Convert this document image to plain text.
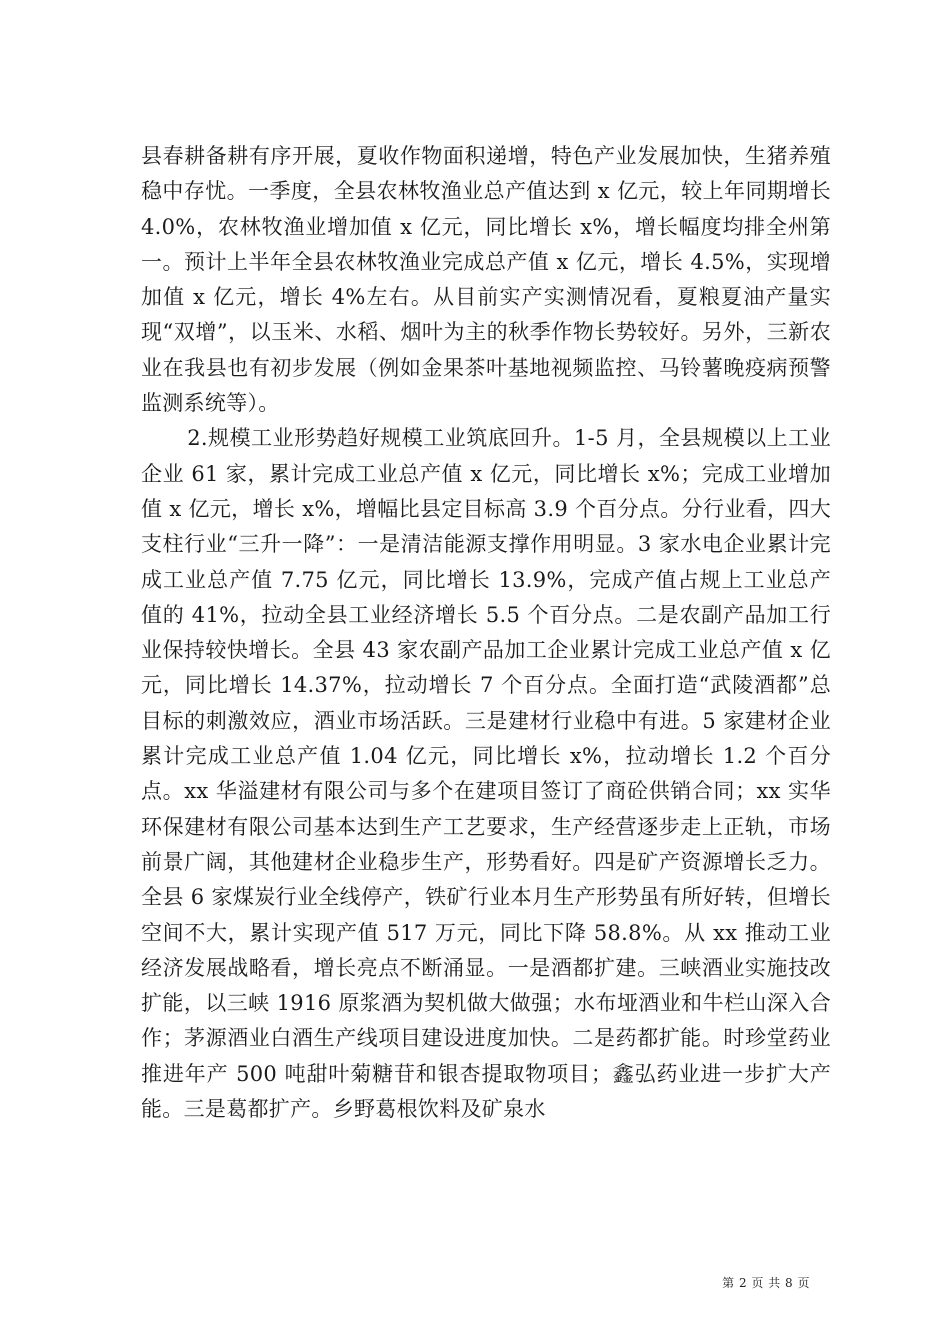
县春耕备耕有序开展，夏收作物面积递增，特色产业发展加快，生猪养殖稳中存忧。一季度，全县农林牧渔业总产值达到 x 亿元，较上年同期增长 4.0%，农林牧渔业增加值 x 亿元，同比增长 x%，增长幅度均排全州第一。预计上半年全县农林牧渔业完成总产值 x 亿元，增长 4.5%，实现增加值 x 亿元，增长 4%左右。从目前实产实测情况看，夏粮夏油产量实现“双增”，以玉米、水稻、烟叶为主的秋季作物长势较好。另外，三新农业在我县也有初步发展（例如金果茶叶基地视频监控、马铃薯晚疫病预警监测系统等）。

2.规模工业形势趋好规模工业筑底回升。1-5 月，全县规模以上工业企业 61 家，累计完成工业总产值 x 亿元，同比增长 x%；完成工业增加值 x 亿元，增长 x%，增幅比县定目标高 3.9 个百分点。分行业看，四大支柱行业“三升一降”：一是清洁能源支撑作用明显。3 家水电企业累计完成工业总产值 7.75 亿元，同比增长 13.9%，完成产值占规上工业总产值的 41%，拉动全县工业经济增长 5.5 个百分点。二是农副产品加工行业保持较快增长。全县 43 家农副产品加工企业累计完成工业总产值 x 亿元，同比增长 14.37%，拉动增长 7 个百分点。全面打造“武陵酒都”总目标的刺激效应，酒业市场活跃。三是建材行业稳中有进。5 家建材企业累计完成工业总产值 1.04 亿元，同比增长 x%，拉动增长 1.2 个百分点。xx 华溢建材有限公司与多个在建项目签订了商砼供销合同；xx 实华环保建材有限公司基本达到生产工艺要求，生产经营逐步走上正轨，市场前景广阔，其他建材企业稳步生产，形势看好。四是矿产资源增长乏力。全县 6 家煤炭行业全线停产，铁矿行业本月生产形势虽有所好转，但增长空间不大，累计实现产值 517 万元，同比下降 58.8%。从 xx 推动工业经济发展战略看，增长亮点不断涌显。一是酒都扩建。三峡酒业实施技改扩能，以三峡 1916 原浆酒为契机做大做强；水布垭酒业和牛栏山深入合作；茅源酒业白酒生产线项目建设进度加快。二是药都扩能。时珍堂药业推进年产 500 吨甜叶菊糖苷和银杏提取物项目；鑫弘药业进一步扩大产能。三是葛都扩产。乡野葛根饮料及矿泉水

第 2 页 共 8 页
